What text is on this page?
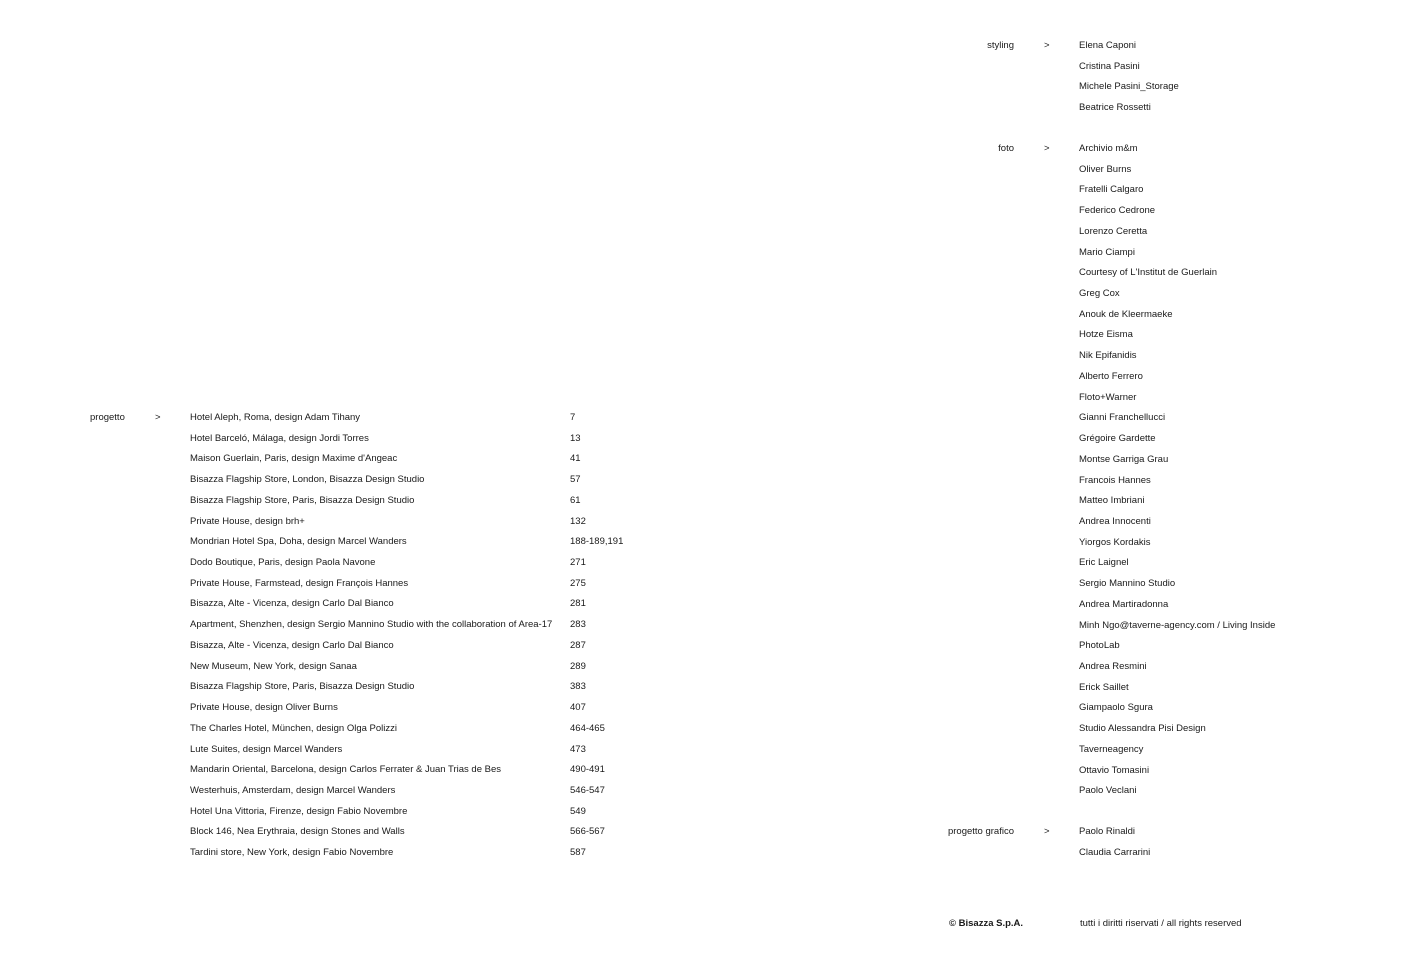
styling	>	Elena Caponi
Cristina Pasini
Michele Pasini_Storage
Beatrice Rossetti
foto	>	Archivio m&m
Oliver Burns
Fratelli Calgaro
Federico Cedrone
Lorenzo Ceretta
Mario Ciampi
Courtesy of L'Institut de Guerlain
Greg Cox
Anouk de Kleermaeke
Hotze Eisma
Nik Epifanidis
Alberto Ferrero
Floto+Warner
Gianni Franchellucci
Grégoire Gardette
Montse Garriga Grau
Francois Hannes
Matteo Imbriani
Andrea Innocenti
Yiorgos Kordakis
Eric Laignel
Sergio Mannino Studio
Andrea Martiradonna
Minh Ngo@taverne-agency.com / Living Inside
PhotoLab
Andrea Resmini
Erick Saillet
Giampaolo Sgura
Studio Alessandra Pisi Design
Taverneagency
Ottavio Tomasini
Paolo Veclani
progetto grafico	>	Paolo Rinaldi
Claudia Carrarini
progetto	>	Hotel Aleph, Roma, design Adam Tihany	7
Hotel Barceló, Málaga, design Jordi Torres	13
Maison Guerlain, Paris, design Maxime d'Angeac	41
Bisazza Flagship Store, London, Bisazza Design Studio	57
Bisazza Flagship Store, Paris, Bisazza Design Studio	61
Private House, design brh+	132
Mondrian Hotel Spa, Doha, design Marcel Wanders	188-189,191
Dodo Boutique, Paris, design Paola Navone	271
Private House, Farmstead, design François Hannes	275
Bisazza, Alte - Vicenza, design Carlo Dal Bianco	281
Apartment, Shenzhen, design Sergio Mannino Studio with the collaboration of Area-17 283
Bisazza, Alte - Vicenza, design Carlo Dal Bianco	287
New Museum, New York, design Sanaa	289
Bisazza Flagship Store, Paris, Bisazza Design Studio	383
Private House, design Oliver Burns	407
The Charles Hotel, München, design Olga Polizzi	464-465
Lute Suites, design Marcel Wanders	473
Mandarin Oriental, Barcelona, design Carlos Ferrater & Juan Trias de Bes	490-491
Westerhuis, Amsterdam, design Marcel Wanders	546-547
Hotel Una Vittoria, Firenze, design Fabio Novembre	549
Block 146, Nea Erythraia, design Stones and Walls	566-567
Tardini store, New York, design Fabio Novembre	587
© Bisazza S.p.A.	tutti i diritti riservati / all rights reserved
